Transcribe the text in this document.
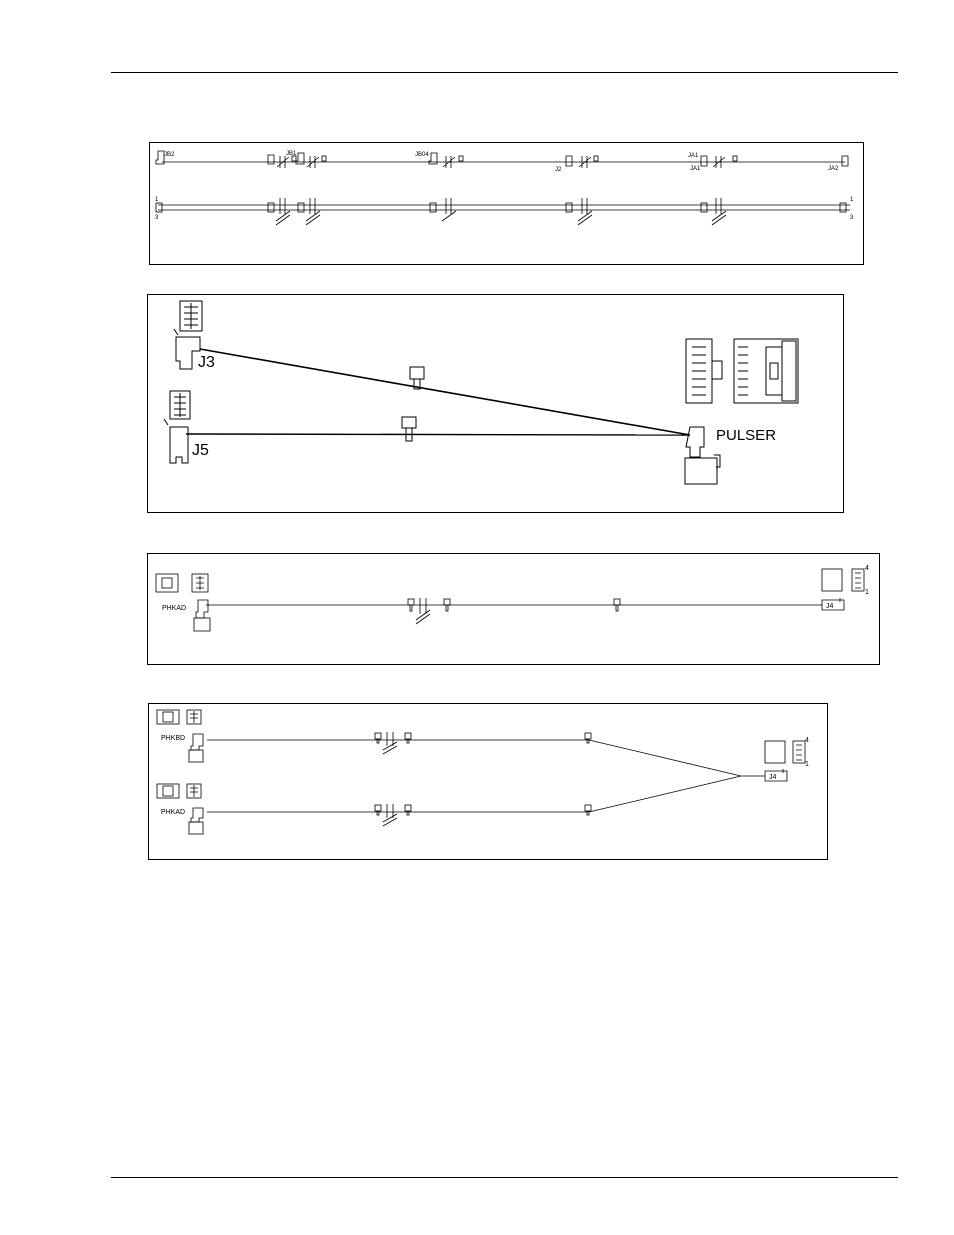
JB2	JB1	JB04
J2
JA1
JA1	JA2
1
3
1
3
J3
J5
PULSER
PHKAD	J4
4
1
PHKBD
PHKAD
J4
4
1
